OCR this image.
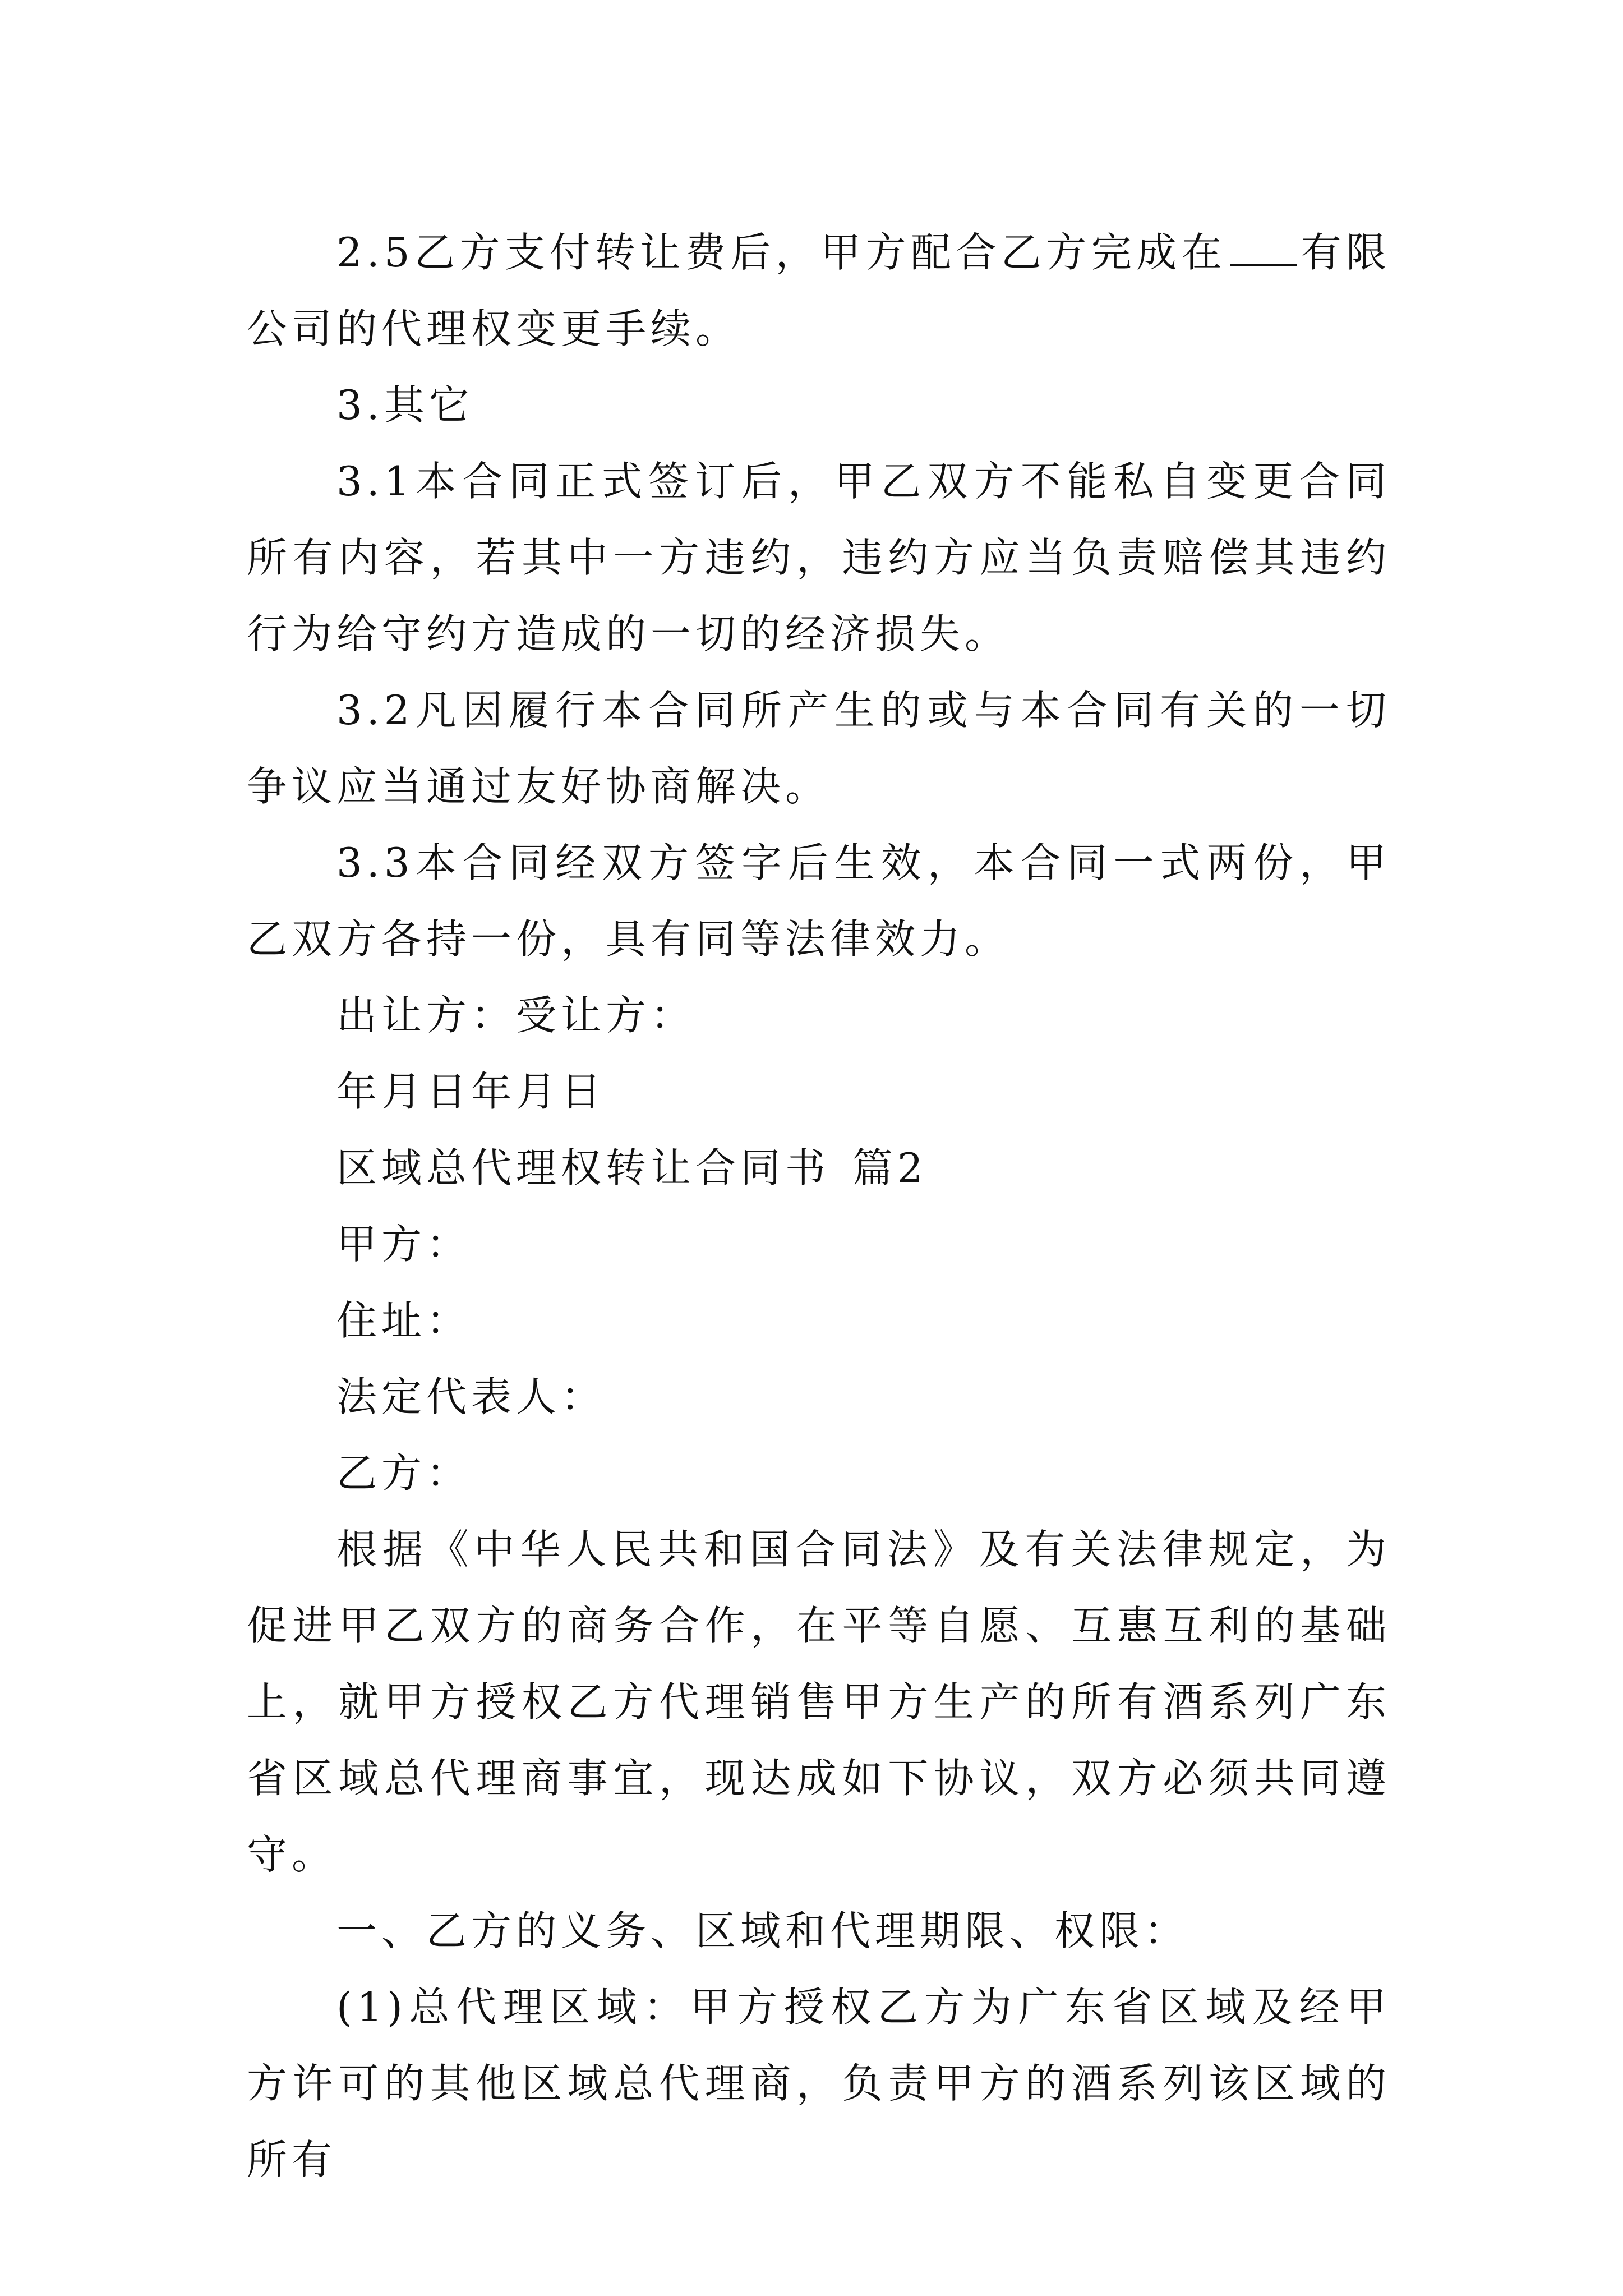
2.5乙方支付转让费后，甲方配合乙方完成在 有限公司的代理权变更手续。

3.其它

3.1本合同正式签订后，甲乙双方不能私自变更合同所有内容，若其中一方违约，违约方应当负责赔偿其违约行为给守约方造成的一切的经济损失。

3.2凡因履行本合同所产生的或与本合同有关的一切争议应当通过友好协商解决。

3.3本合同经双方签字后生效，本合同一式两份，甲乙双方各持一份，具有同等法律效力。

出让方：受让方：

年月日年月日

区域总代理权转让合同书 篇2

甲方：

住址：

法定代表人：

乙方：

根据《中华人民共和国合同法》及有关法律规定，为促进甲乙双方的商务合作，在平等自愿、互惠互利的基础上，就甲方授权乙方代理销售甲方生产的所有酒系列广东省区域总代理商事宜，现达成如下协议，双方必须共同遵守。

一、乙方的义务、区域和代理期限、权限：

(1)总代理区域：甲方授权乙方为广东省区域及经甲方许可的其他区域总代理商，负责甲方的酒系列该区域的所有
